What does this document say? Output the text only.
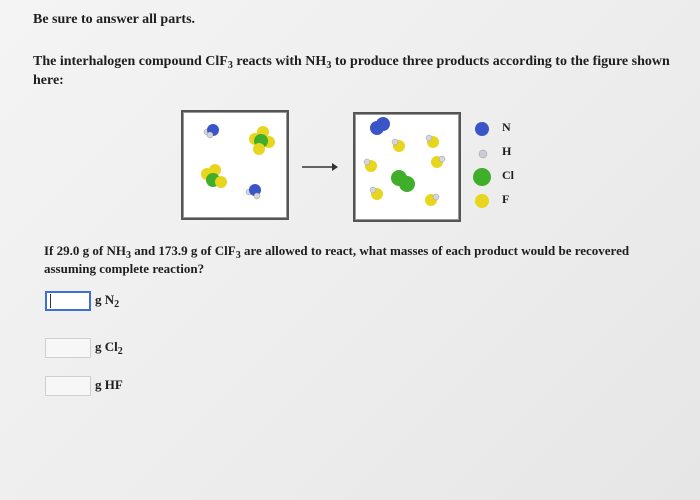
Be sure to answer all parts.
The interhalogen compound ClF$_3$ reacts with $NH_3$ to produce three products according to the figure shown here:
N
H
Cl
F
If 29.0 g of $NH_3$ and 173.9 g of ClF$_3$ are allowed to react, what masses of each product would be recovered assuming complete reaction?
g $N_2$
g $Cl_2$
g HF
